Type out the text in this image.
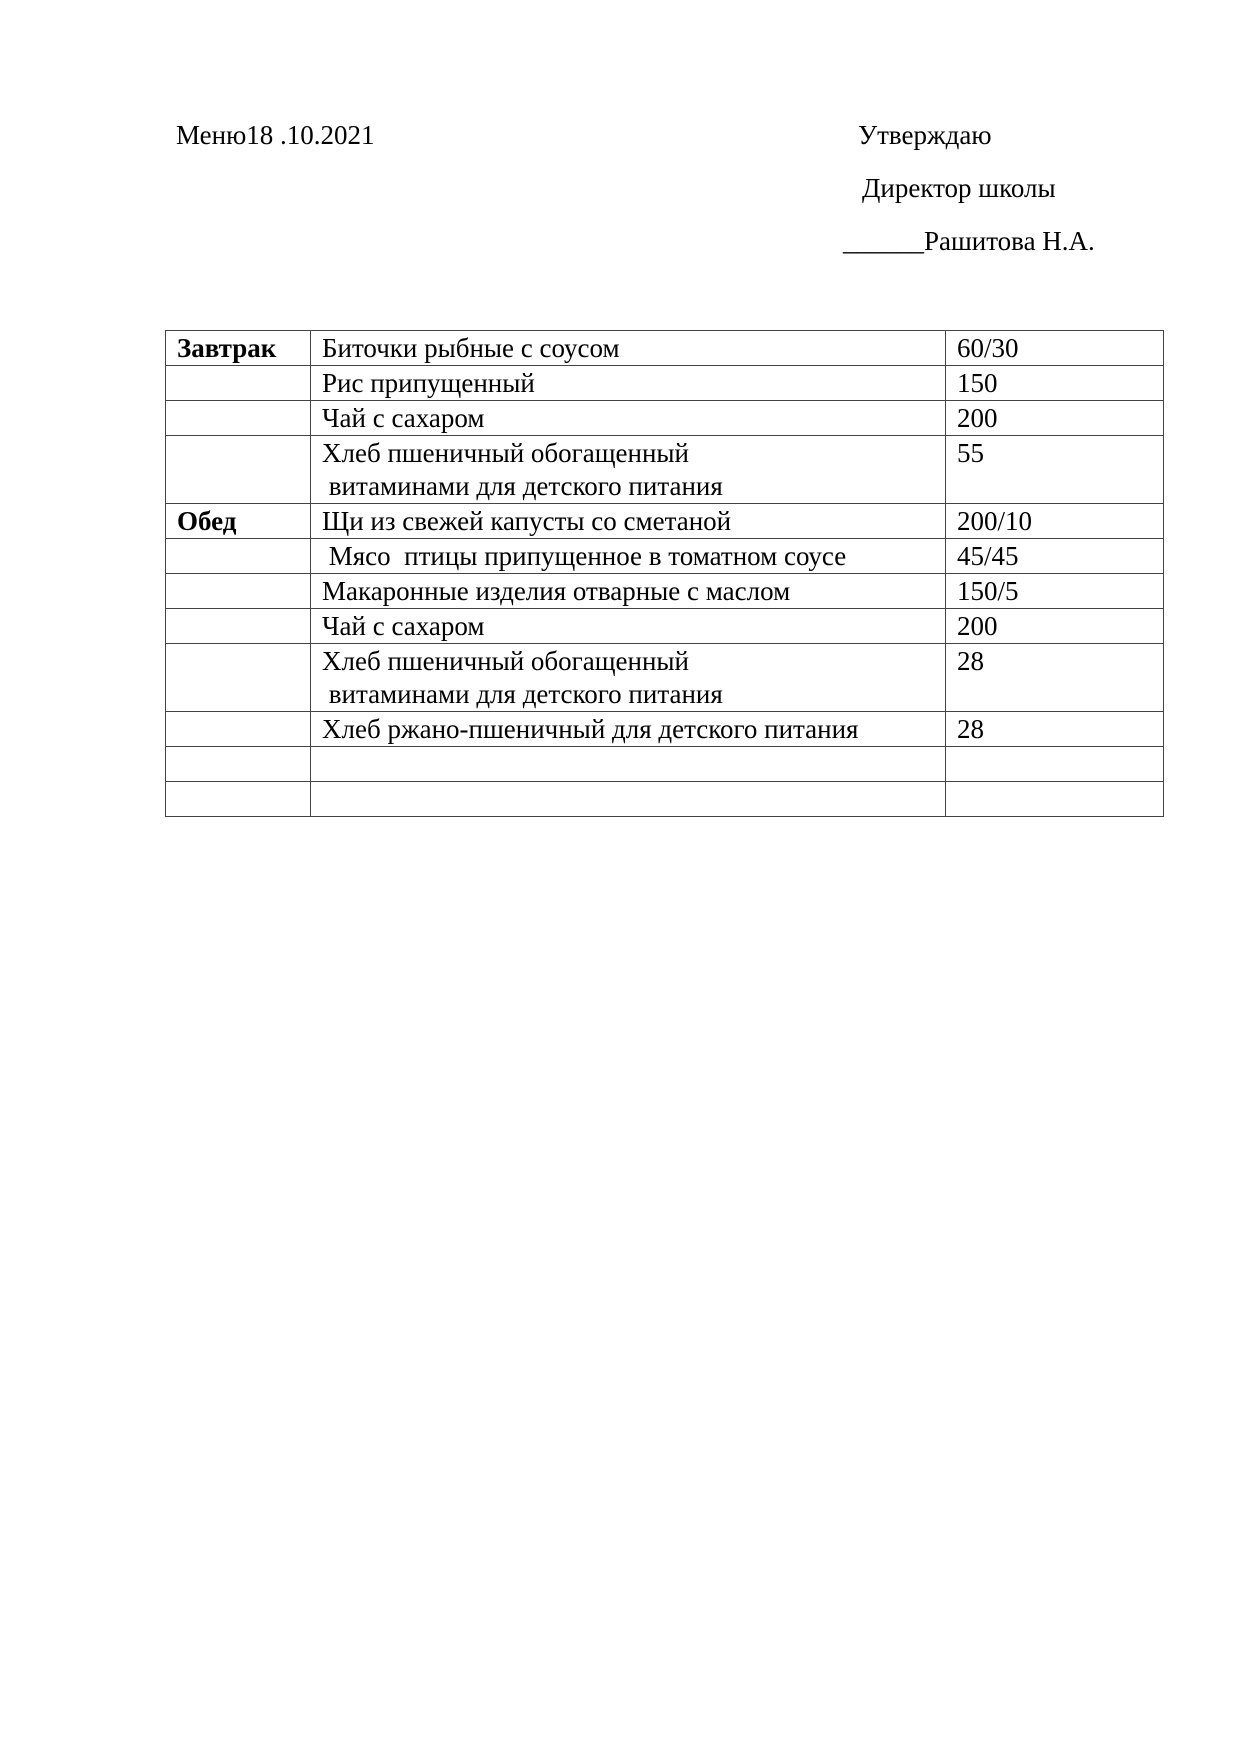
Меню18 .10.2021	Утверждаю
Директор школы
______Рашитова Н.А.
Завтрак	Биточки рыбные с соусом	60/30
	Рис припущенный	150
	Чай с сахаром	200
	Хлеб пшеничный обогащенный
витаминами для детского питания	55
Обед	Щи из свежей капусты со сметаной	200/10
	Мясо  птицы припущенное в томатном соусе	45/45
	Макаронные изделия отварные с маслом	150/5
	Чай с сахаром	200
	Хлеб пшеничный обогащенный
витаминами для детского питания	28
	Хлеб ржано-пшеничный для детского питания	28
